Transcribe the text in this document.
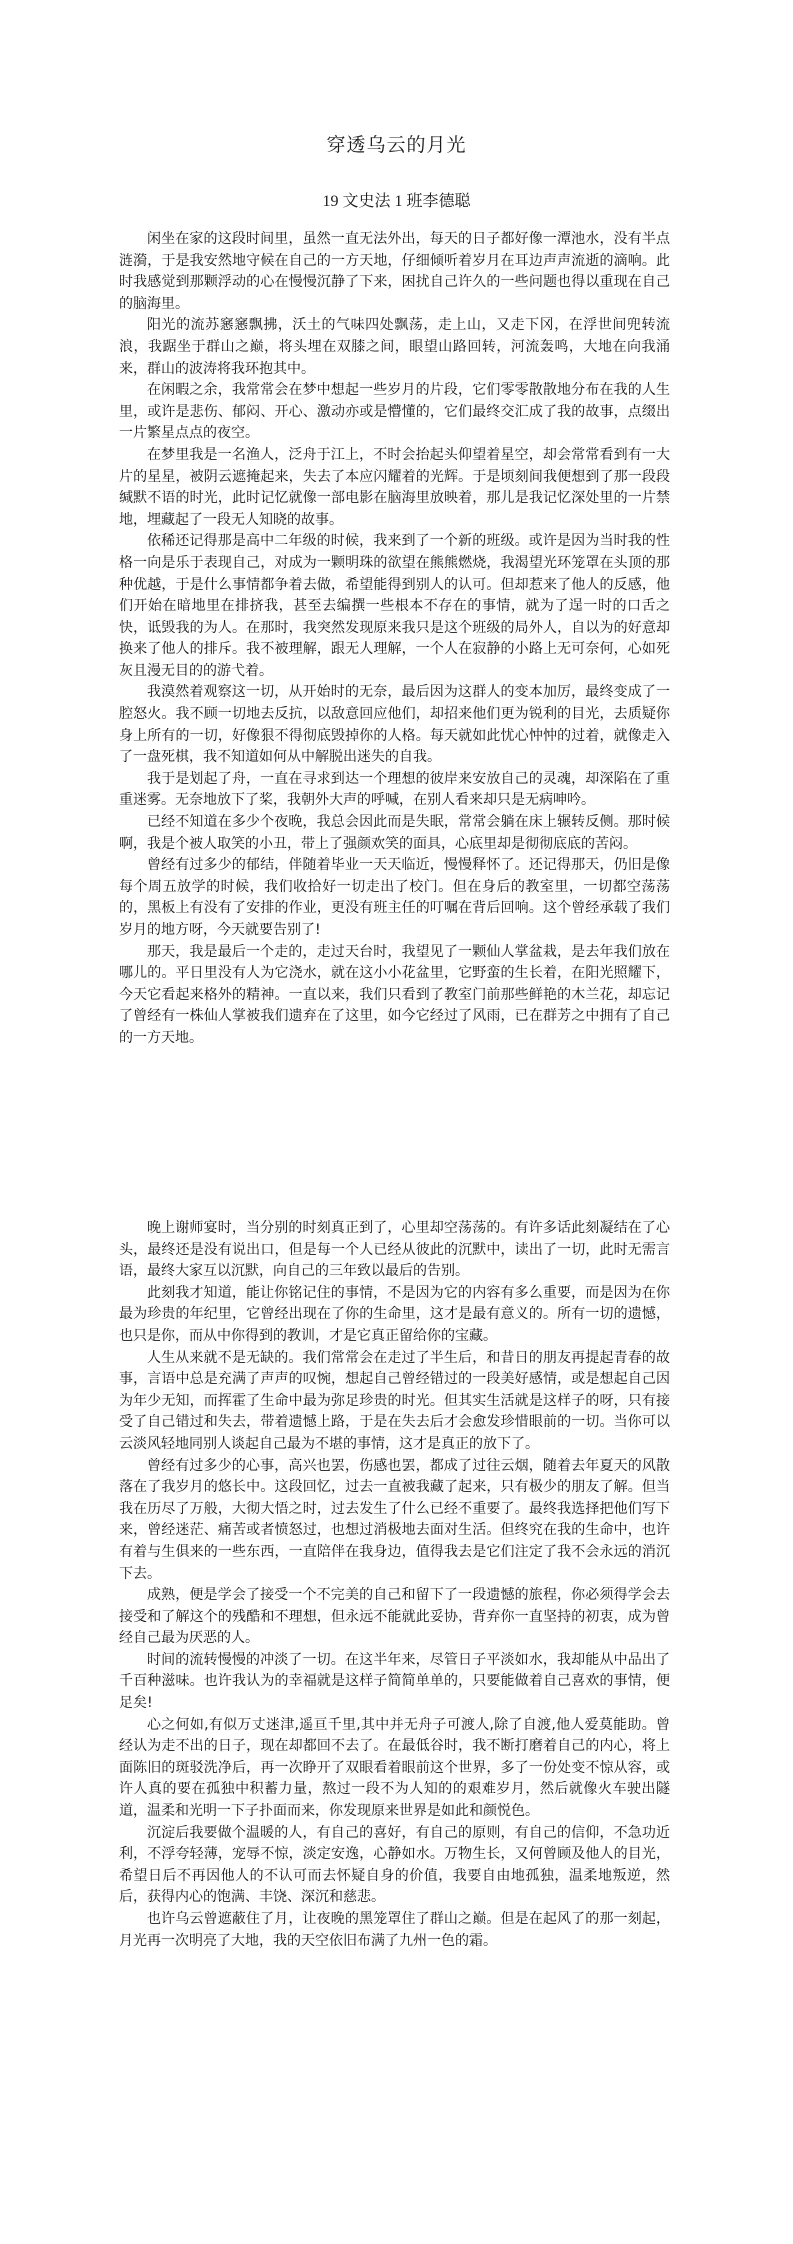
穿透乌云的月光
19 文史法 1 班李德聪

闲坐在家的这段时间里，虽然一直无法外出，每天的日子都好像一潭池水，没有半点涟漪，于是我安然地守候在自己的一方天地，仔细倾听着岁月在耳边声声流逝的滴响。此时我感觉到那颗浮动的心在慢慢沉静了下来，困扰自己许久的一些问题也得以重现在自己的脑海里。

阳光的流苏窸窸飘拂，沃土的气味四处飘荡，走上山，又走下冈，在浮世间兜转流浪，我踞坐于群山之巅，将头埋在双膝之间，眼望山路回转，河流轰鸣，大地在向我涌来，群山的波涛将我环抱其中。

在闲暇之余，我常常会在梦中想起一些岁月的片段，它们零零散散地分布在我的人生里，或许是悲伤、郁闷、开心、激动亦或是懵懂的，它们最终交汇成了我的故事，点缀出一片繁星点点的夜空。

在梦里我是一名渔人，泛舟于江上，不时会抬起头仰望着星空，却会常常看到有一大片的星星，被阴云遮掩起来，失去了本应闪耀着的光辉。于是顷刻间我便想到了那一段段缄默不语的时光，此时记忆就像一部电影在脑海里放映着，那儿是我记忆深处里的一片禁地，埋藏起了一段无人知晓的故事。

依稀还记得那是高中二年级的时候，我来到了一个新的班级。或许是因为当时我的性格一向是乐于表现自己，对成为一颗明珠的欲望在熊熊燃烧，我渴望光环笼罩在头顶的那种优越，于是什么事情都争着去做，希望能得到别人的认可。但却惹来了他人的反感，他们开始在暗地里在排挤我，甚至去编撰一些根本不存在的事情，就为了逞一时的口舌之快，诋毁我的为人。在那时，我突然发现原来我只是这个班级的局外人，自以为的好意却换来了他人的排斥。我不被理解，跟无人理解，一个人在寂静的小路上无可奈何，心如死灰且漫无目的的游弋着。

我漠然着观察这一切，从开始时的无奈，最后因为这群人的变本加厉，最终变成了一腔怒火。我不顾一切地去反抗，以敌意回应他们，却招来他们更为锐利的目光，去质疑你身上所有的一切，好像狠不得彻底毁掉你的人格。每天就如此忧心忡忡的过着，就像走入了一盘死棋，我不知道如何从中解脱出迷失的自我。

我于是划起了舟，一直在寻求到达一个理想的彼岸来安放自己的灵魂，却深陷在了重重迷雾。无奈地放下了桨，我朝外大声的呼喊，在别人看来却只是无病呻吟。

已经不知道在多少个夜晚，我总会因此而是失眠，常常会躺在床上辗转反侧。那时候啊，我是个被人取笑的小丑，带上了强颜欢笑的面具，心底里却是彻彻底底的苦闷。

曾经有过多少的郁结，伴随着毕业一天天临近，慢慢释怀了。还记得那天，仍旧是像每个周五放学的时候，我们收拾好一切走出了校门。但在身后的教室里，一切都空荡荡的，黑板上有没有了安排的作业，更没有班主任的叮嘱在背后回响。这个曾经承载了我们岁月的地方呀，今天就要告别了!

那天，我是最后一个走的，走过天台时，我望见了一颗仙人掌盆栽，是去年我们放在哪儿的。平日里没有人为它浇水，就在这小小花盆里，它野蛮的生长着，在阳光照耀下，今天它看起来格外的精神。一直以来，我们只看到了教室门前那些鲜艳的木兰花，却忘记了曾经有一株仙人掌被我们遗弃在了这里，如今它经过了风雨，已在群芳之中拥有了自己的一方天地。

晚上谢师宴时，当分别的时刻真正到了，心里却空荡荡的。有许多话此刻凝结在了心头，最终还是没有说出口，但是每一个人已经从彼此的沉默中，读出了一切，此时无需言语，最终大家互以沉默，向自己的三年致以最后的告别。

此刻我才知道，能让你铭记住的事情，不是因为它的内容有多么重要，而是因为在你最为珍贵的年纪里，它曾经出现在了你的生命里，这才是最有意义的。所有一切的遗憾，也只是你，而从中你得到的教训，才是它真正留给你的宝藏。

人生从来就不是无缺的。我们常常会在走过了半生后，和昔日的朋友再提起青春的故事，言语中总是充满了声声的叹惋，想起自己曾经错过的一段美好感情，或是想起自己因为年少无知，而挥霍了生命中最为弥足珍贵的时光。但其实生活就是这样子的呀，只有接受了自己错过和失去，带着遗憾上路，于是在失去后才会愈发珍惜眼前的一切。当你可以云淡风轻地同别人谈起自己最为不堪的事情，这才是真正的放下了。

曾经有过多少的心事，高兴也罢，伤感也罢，都成了过往云烟，随着去年夏天的风散落在了我岁月的悠长中。这段回忆，过去一直被我藏了起来，只有极少的朋友了解。但当我在历尽了万般，大彻大悟之时，过去发生了什么已经不重要了。最终我选择把他们写下来，曾经迷茫、痛苦或者愤怒过，也想过消极地去面对生活。但终究在我的生命中，也许有着与生俱来的一些东西，一直陪伴在我身边，值得我去是它们注定了我不会永远的消沉下去。

成熟，便是学会了接受一个不完美的自己和留下了一段遗憾的旅程，你必须得学会去接受和了解这个的残酷和不理想，但永远不能就此妥协，背弃你一直坚持的初衷，成为曾经自己最为厌恶的人。

时间的流转慢慢的冲淡了一切。在这半年来，尽管日子平淡如水，我却能从中品出了千百种滋味。也许我认为的幸福就是这样子简简单单的，只要能做着自己喜欢的事情，便足矣!

心之何如,有似万丈迷津,遥亘千里,其中并无舟子可渡人,除了自渡,他人爱莫能助。曾经认为走不出的日子，现在却都回不去了。在最低谷时，我不断打磨着自己的内心，将上面陈旧的斑驳洗净后，再一次睁开了双眼看着眼前这个世界，多了一份处变不惊从容，或许人真的要在孤独中积蓄力量，熬过一段不为人知的的艰难岁月，然后就像火车驶出隧道，温柔和光明一下子扑面而来，你发现原来世界是如此和颜悦色。

沉淀后我要做个温暖的人，有自己的喜好，有自己的原则，有自己的信仰，不急功近利，不浮夸轻薄，宠辱不惊，淡定安逸，心静如水。万物生长，又何曾顾及他人的目光，希望日后不再因他人的不认可而去怀疑自身的价值，我要自由地孤独，温柔地叛逆，然后，获得内心的饱满、丰饶、深沉和慈悲。

也许乌云曾遮蔽住了月，让夜晚的黑笼罩住了群山之巅。但是在起风了的那一刻起，月光再一次明亮了大地，我的天空依旧布满了九州一色的霜。
